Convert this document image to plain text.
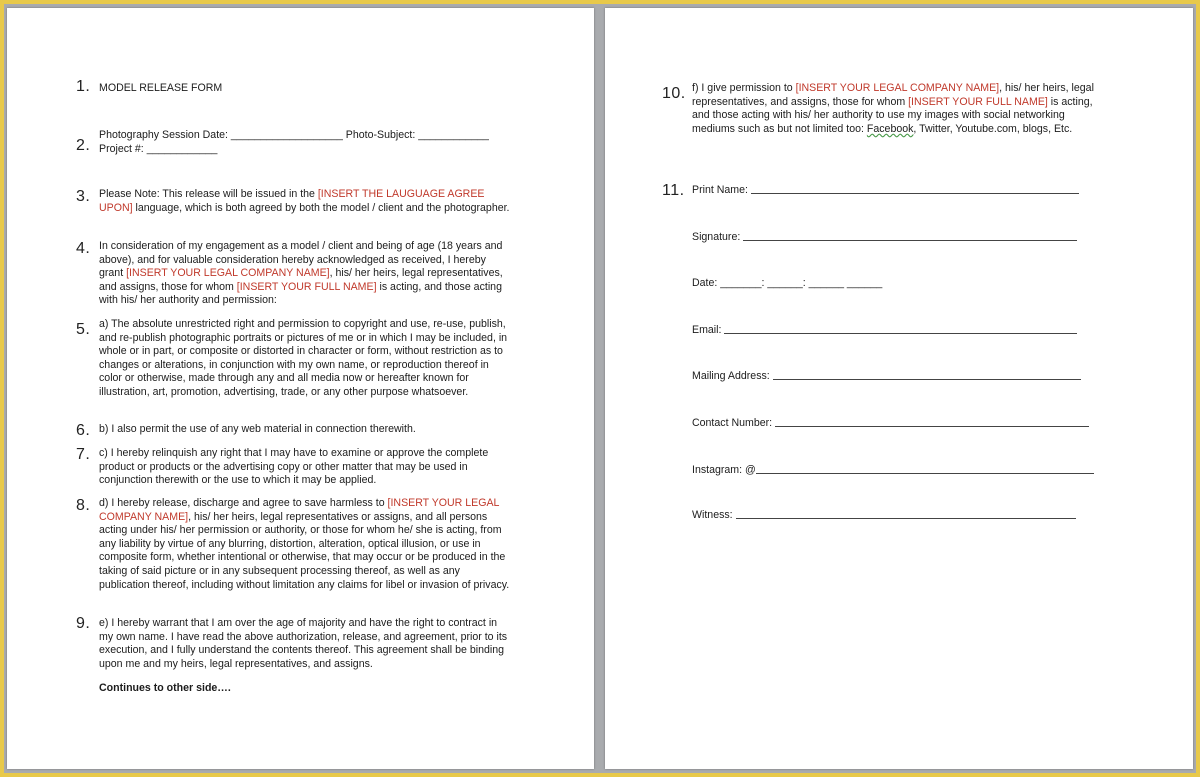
1. MODEL RELEASE FORM
2.
Photography Session Date: ___________________ Photo-Subject: ____________
Project #: ____________
3. Please Note: This release will be issued in the [INSERT THE LAUGUAGE AGREE UPON] language, which is both agreed by both the model / client and the photographer.
4. In consideration of my engagement as a model / client and being of age (18 years and above), and for valuable consideration hereby acknowledged as received, I hereby grant [INSERT YOUR LEGAL COMPANY NAME], his/ her heirs, legal representatives, and assigns, those for whom [INSERT YOUR FULL NAME] is acting, and those acting with his/ her authority and permission:
5. a) The absolute unrestricted right and permission to copyright and use, re-use, publish, and re-publish photographic portraits or pictures of me or in which I may be included, in whole or in part, or composite or distorted in character or form, without restriction as to changes or alterations, in conjunction with my own name, or reproduction thereof in color or otherwise, made through any and all media now or hereafter known for illustration, art, promotion, advertising, trade, or any other purpose whatsoever.
6. b) I also permit the use of any web material in connection therewith.
7. c) I hereby relinquish any right that I may have to examine or approve the complete product or products or the advertising copy or other matter that may be used in conjunction therewith or the use to which it may be applied.
8. d) I hereby release, discharge and agree to save harmless to [INSERT YOUR LEGAL COMPANY NAME], his/ her heirs, legal representatives or assigns, and all persons acting under his/ her permission or authority, or those for whom he/ she is acting, from any liability by virtue of any blurring, distortion, alteration, optical illusion, or use in composite form, whether intentional or otherwise, that may occur or be produced in the taking of said picture or in any subsequent processing thereof, as well as any publication thereof, including without limitation any claims for libel or invasion of privacy.
9. e) I hereby warrant that I am over the age of majority and have the right to contract in my own name. I have read the above authorization, release, and agreement, prior to its execution, and I fully understand the contents thereof. This agreement shall be binding upon me and my heirs, legal representatives, and assigns.
Continues to other side….

10. f) I give permission to [INSERT YOUR LEGAL COMPANY NAME], his/ her heirs, legal representatives, and assigns, those for whom [INSERT YOUR FULL NAME] is acting, and those acting with his/ her authority to use my images with social networking mediums such as but not limited too: Facebook, Twitter, Youtube.com, blogs, Etc.
11. Print Name:
Signature:
Date: _______: ______: ______ ______
Email:
Mailing Address:
Contact Number:
Instagram: @
Witness:
